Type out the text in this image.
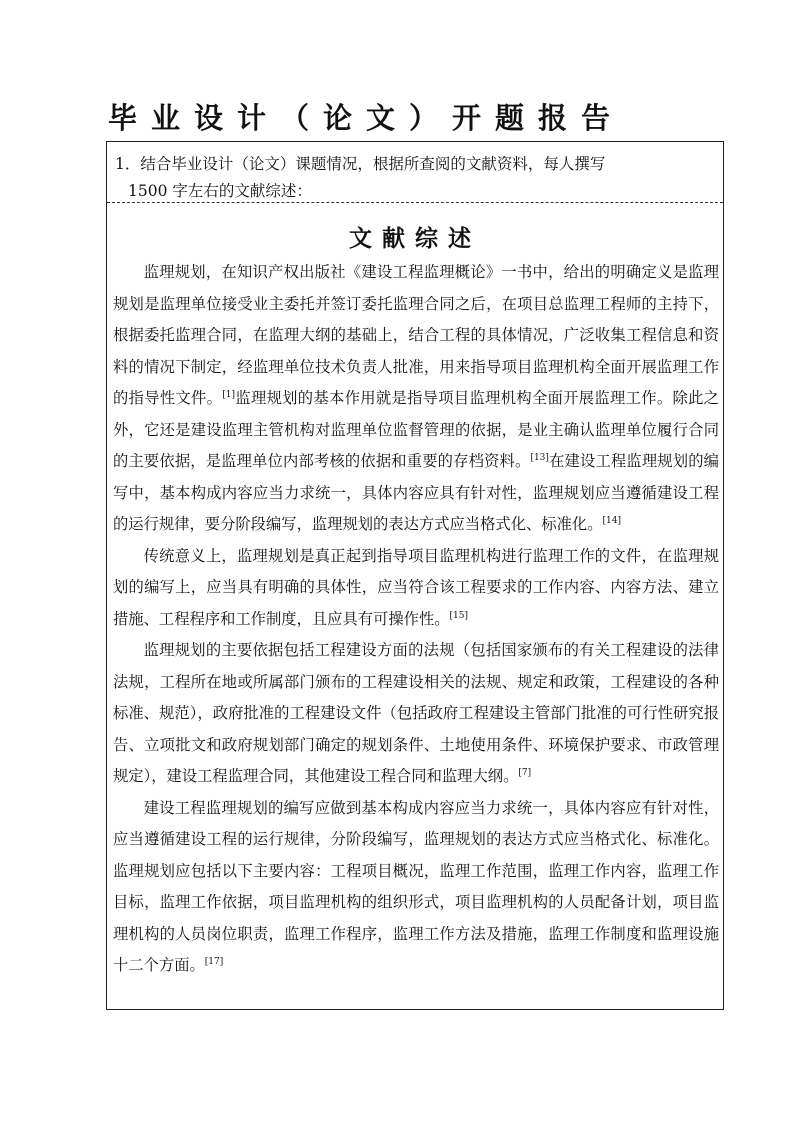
毕业设计（论文）开题报告
1．结合毕业设计（论文）课题情况，根据所查阅的文献资料，每人撰写
1500 字左右的文献综述：
文献综述

监理规划，在知识产权出版社《建设工程监理概论》一书中，给出的明确定义是监理规划是监理单位接受业主委托并签订委托监理合同之后，在项目总监理工程师的主持下，根据委托监理合同，在监理大纲的基础上，结合工程的具体情况，广泛收集工程信息和资料的情况下制定，经监理单位技术负责人批准，用来指导项目监理机构全面开展监理工作的指导性文件。[1]监理规划的基本作用就是指导项目监理机构全面开展监理工作。除此之外，它还是建设监理主管机构对监理单位监督管理的依据，是业主确认监理单位履行合同的主要依据，是监理单位内部考核的依据和重要的存档资料。[13]在建设工程监理规划的编写中，基本构成内容应当力求统一，具体内容应具有针对性，监理规划应当遵循建设工程的运行规律，要分阶段编写，监理规划的表达方式应当格式化、标准化。[14]

传统意义上，监理规划是真正起到指导项目监理机构进行监理工作的文件，在监理规划的编写上，应当具有明确的具体性，应当符合该工程要求的工作内容、内容方法、建立措施、工程程序和工作制度，且应具有可操作性。[15]

监理规划的主要依据包括工程建设方面的法规（包括国家颁布的有关工程建设的法律法规，工程所在地或所属部门颁布的工程建设相关的法规、规定和政策，工程建设的各种标准、规范），政府批准的工程建设文件（包括政府工程建设主管部门批准的可行性研究报告、立项批文和政府规划部门确定的规划条件、土地使用条件、环境保护要求、市政管理规定），建设工程监理合同，其他建设工程合同和监理大纲。[7]

建设工程监理规划的编写应做到基本构成内容应当力求统一，具体内容应有针对性，应当遵循建设工程的运行规律，分阶段编写，监理规划的表达方式应当格式化、标准化。监理规划应包括以下主要内容：工程项目概况，监理工作范围，监理工作内容，监理工作目标，监理工作依据，项目监理机构的组织形式，项目监理机构的人员配备计划，项目监理机构的人员岗位职责，监理工作程序，监理工作方法及措施，监理工作制度和监理设施十二个方面。[17]
